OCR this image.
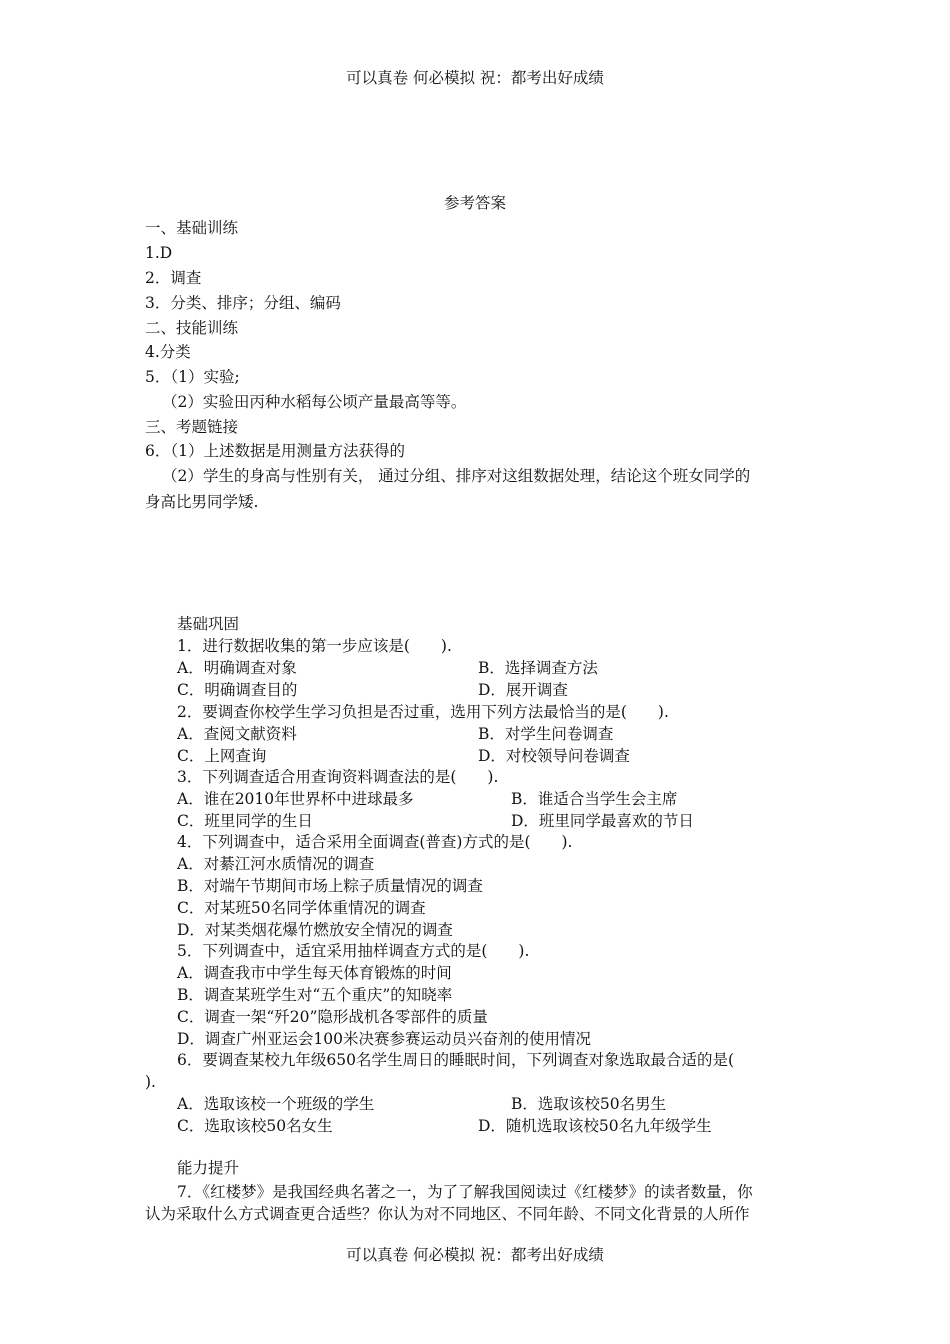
可以真卷 何必模拟 祝：都考出好成绩
参考答案
一、基础训练
1.D
2．调查
3．分类、排序；分组、编码
二、技能训练
4.分类
5．（1）实验;
（2）实验田丙种水稻每公顷产量最高等等。
三、考题链接
6．（1）上述数据是用测量方法获得的
（2）学生的身高与性别有关， 通过分组、排序对这组数据处理，结论这个班女同学的
身高比男同学矮.
基础巩固
1．进行数据收集的第一步应该是(　　).
A．明确调查对象	B．选择调查方法
C．明确调查目的	D．展开调查
2．要调查你校学生学习负担是否过重，选用下列方法最恰当的是(　　).
A．查阅文献资料	B．对学生问卷调查
C．上网查询	D．对校领导问卷调查
3．下列调查适合用查询资料调查法的是(　　).
A．谁在2010年世界杯中进球最多	B．谁适合当学生会主席
C．班里同学的生日	D．班里同学最喜欢的节日
4．下列调查中，适合采用全面调查(普查)方式的是(　　).
A．对綦江河水质情况的调查
B．对端午节期间市场上粽子质量情况的调查
C．对某班50名同学体重情况的调查
D．对某类烟花爆竹燃放安全情况的调查
5．下列调查中，适宜采用抽样调查方式的是(　　).
A．调查我市中学生每天体育锻炼的时间
B．调查某班学生对“五个重庆”的知晓率
C．调查一架“歼20”隐形战机各零部件的质量
D．调查广州亚运会100米决赛参赛运动员兴奋剂的使用情况
6．要调查某校九年级650名学生周日的睡眠时间，下列调查对象选取最合适的是(
).
A．选取该校一个班级的学生	B．选取该校50名男生
C．选取该校50名女生	D．随机选取该校50名九年级学生
能力提升
7．《红楼梦》是我国经典名著之一，为了了解我国阅读过《红楼梦》的读者数量，你
认为采取什么方式调查更合适些？你认为对不同地区、不同年龄、不同文化背景的人所作
可以真卷 何必模拟 祝：都考出好成绩
